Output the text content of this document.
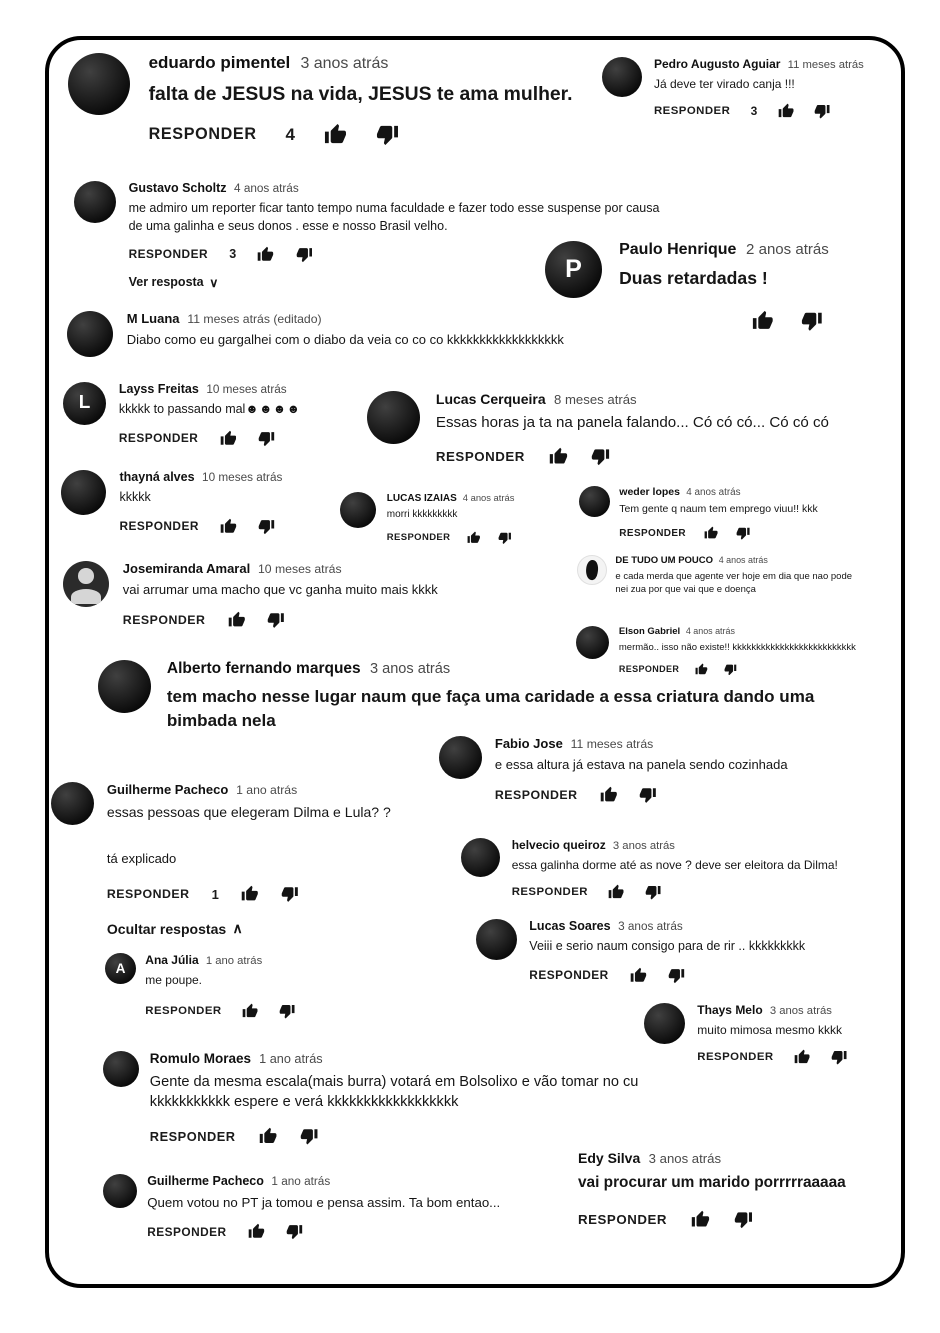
eduardo pimentel 3 anos atrás
falta de JESUS na vida, JESUS te ama mulher.
RESPONDER 4
Pedro Augusto Aguiar 11 meses atrás
Já deve ter virado canja !!!
RESPONDER 3
Gustavo Scholtz 4 anos atrás
me admiro um reporter ficar tanto tempo numa faculdade e fazer todo esse suspense por causa de uma galinha e seus donos . esse e nosso Brasil velho.
RESPONDER 3
Ver resposta ∨	P
Paulo Henrique 2 anos atrás
Duas retardadas !
M Luana 11 meses atrás (editado)
Diabo como eu gargalhei com o diabo da veia co co co kkkkkkkkkkkkkkkkkk
L
Layss Freitas 10 meses atrás
kkkkk to passando mal☻☻☻☻
RESPONDER
Lucas Cerqueira 8 meses atrás
Essas horas ja ta na panela falando... Có có có... Có có có
RESPONDER
thayná alves 10 meses atrás
kkkkk
RESPONDER
LUCAS IZAIAS 4 anos atrás
morri kkkkkkkkk
RESPONDER
weder lopes 4 anos atrás
Tem gente q naum tem emprego viuu!! kkk
RESPONDER
Josemiranda Amaral 10 meses atrás
vai arrumar uma macho que vc ganha muito mais kkkk
RESPONDER
DE TUDO UM POUCO 4 anos atrás
e cada merda que agente ver hoje em dia que nao pode nei zua por que vai que e doença
Elson Gabriel 4 anos atrás
mermão.. isso não existe!! kkkkkkkkkkkkkkkkkkkkkkkkkk
RESPONDER
Alberto fernando marques 3 anos atrás
tem macho nesse lugar naum que faça uma caridade a essa criatura dando uma bimbada nela
Fabio Jose 11 meses atrás
e essa altura já estava na panela sendo cozinhada
RESPONDER
Guilherme Pacheco 1 ano atrás
essas pessoas que elegeram Dilma e Lula? ?
tá explicado
RESPONDER 1
Ocultar respostas ∧
helvecio queiroz 3 anos atrás
essa galinha dorme até as nove ? deve ser eleitora da Dilma!
RESPONDER
Lucas Soares 3 anos atrás
Veiii e serio naum consigo para de rir .. kkkkkkkkk
RESPONDER
A
Ana Júlia 1 ano atrás
me poupe.
RESPONDER	Thays Melo 3 anos atrás
muito mimosa mesmo kkkk
RESPONDER
Romulo Moraes 1 ano atrás
Gente da mesma escala(mais burra) votará em Bolsolixo e vão tomar no cu kkkkkkkkkkk espere e verá kkkkkkkkkkkkkkkkkk
RESPONDER
Guilherme Pacheco 1 ano atrás
Quem votou no PT ja tomou e pensa assim. Ta bom entao...
RESPONDER
Edy Silva 3 anos atrás
vai procurar um marido porrrrraaaaa
RESPONDER
